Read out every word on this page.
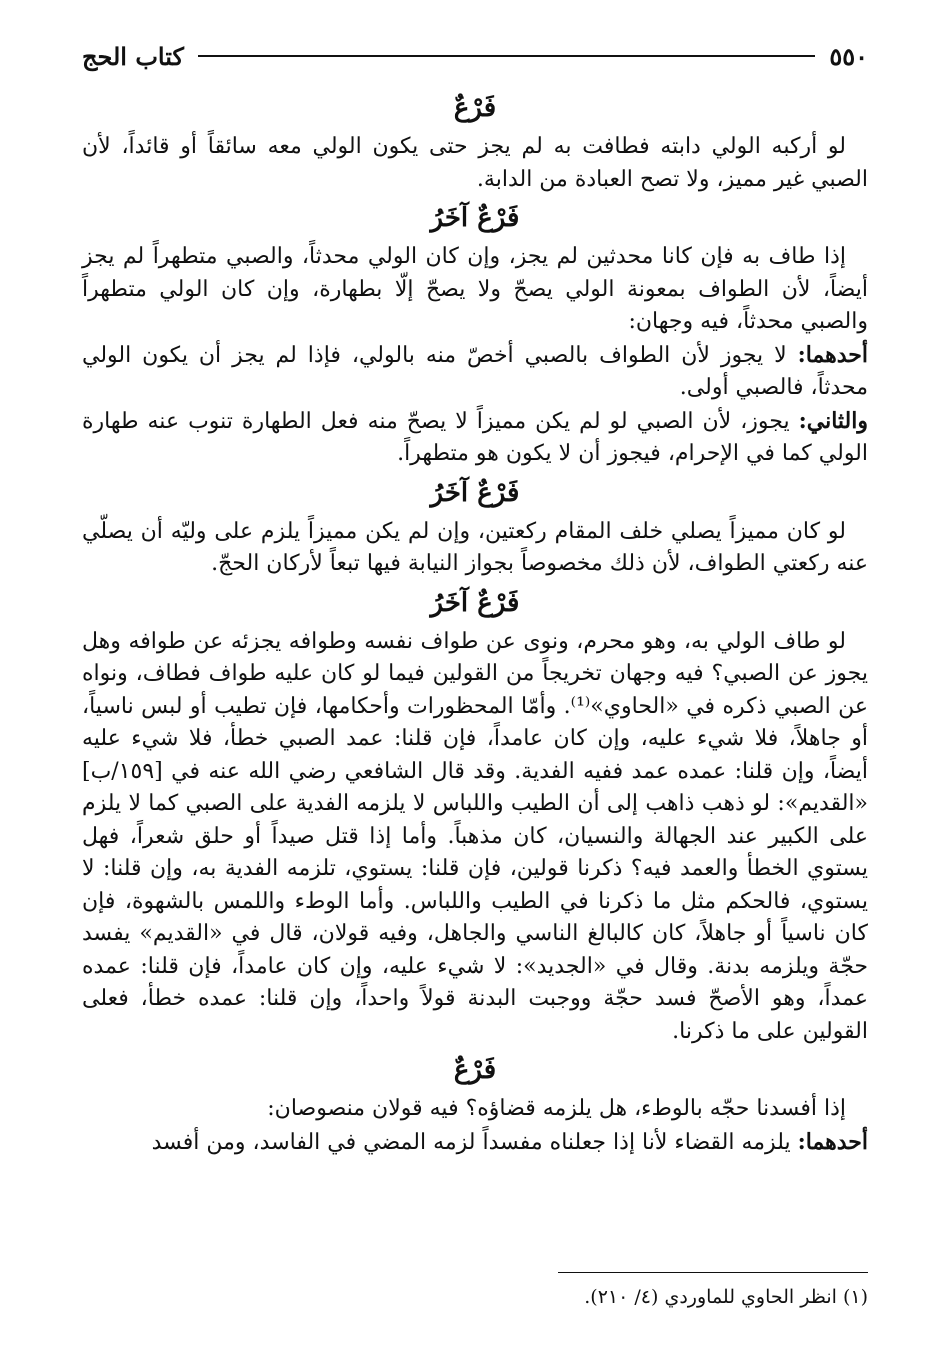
٥٥٠
كتاب الحج
فَرْعٌ

لو أركبه الولي دابته فطافت به لم يجز حتى يكون الولي معه سائقاً أو قائداً، لأن الصبي غير مميز، ولا تصح العبادة من الدابة.

فَرْعٌ آخَرُ

إذا طاف به فإن كانا محدثين لم يجز، وإن كان الولي محدثاً، والصبي متطهراً لم يجز أيضاً، لأن الطواف بمعونة الولي يصحّ ولا يصحّ إلّا بطهارة، وإن كان الولي متطهراً والصبي محدثاً، فيه وجهان:

أحدهما: لا يجوز لأن الطواف بالصبي أخصّ منه بالولي، فإذا لم يجز أن يكون الولي محدثاً، فالصبي أولى.

والثاني: يجوز، لأن الصبي لو لم يكن مميزاً لا يصحّ منه فعل الطهارة تنوب عنه طهارة الولي كما في الإحرام، فيجوز أن لا يكون هو متطهراً.

فَرْعٌ آخَرُ

لو كان مميزاً يصلي خلف المقام ركعتين، وإن لم يكن مميزاً يلزم على وليّه أن يصلّي عنه ركعتي الطواف، لأن ذلك مخصوصاً بجواز النيابة فيها تبعاً لأركان الحجّ.

فَرْعٌ آخَرُ

لو طاف الولي به، وهو محرم، ونوى عن طواف نفسه وطوافه يجزئه عن طوافه وهل يجوز عن الصبي؟ فيه وجهان تخريجاً من القولين فيما لو كان عليه طواف فطاف، ونواه عن الصبي ذكره في «الحاوي»⁽¹⁾. وأمّا المحظورات وأحكامها، فإن تطيب أو لبس ناسياً، أو جاهلاً، فلا شيء عليه، وإن كان عامداً، فإن قلنا: عمد الصبي خطأ، فلا شيء عليه أيضاً، وإن قلنا: عمده عمد ففيه الفدية. وقد قال الشافعي رضي الله عنه في [١٥٩/ب] «القديم»: لو ذهب ذاهب إلى أن الطيب واللباس لا يلزمه الفدية على الصبي كما لا يلزم على الكبير عند الجهالة والنسيان، كان مذهباً. وأما إذا قتل صيداً أو حلق شعراً، فهل يستوي الخطأ والعمد فيه؟ ذكرنا قولين، فإن قلنا: يستوي، تلزمه الفدية به، وإن قلنا: لا يستوي، فالحكم مثل ما ذكرنا في الطيب واللباس. وأما الوطء واللمس بالشهوة، فإن كان ناسياً أو جاهلاً، كان كالبالغ الناسي والجاهل، وفيه قولان، قال في «القديم» يفسد حجّة ويلزمه بدنة. وقال في «الجديد»: لا شيء عليه، وإن كان عامداً، فإن قلنا: عمده عمداً، وهو الأصحّ فسد حجّة ووجبت البدنة قولاً واحداً، وإن قلنا: عمده خطأ، فعلى القولين على ما ذكرنا.

فَرْعٌ

إذا أفسدنا حجّه بالوطء، هل يلزمه قضاؤه؟ فيه قولان منصوصان:

أحدهما: يلزمه القضاء لأنا إذا جعلناه مفسداً لزمه المضي في الفاسد، ومن أفسد

(١) انظر الحاوي للماوردي (٤/ ٢١٠).
